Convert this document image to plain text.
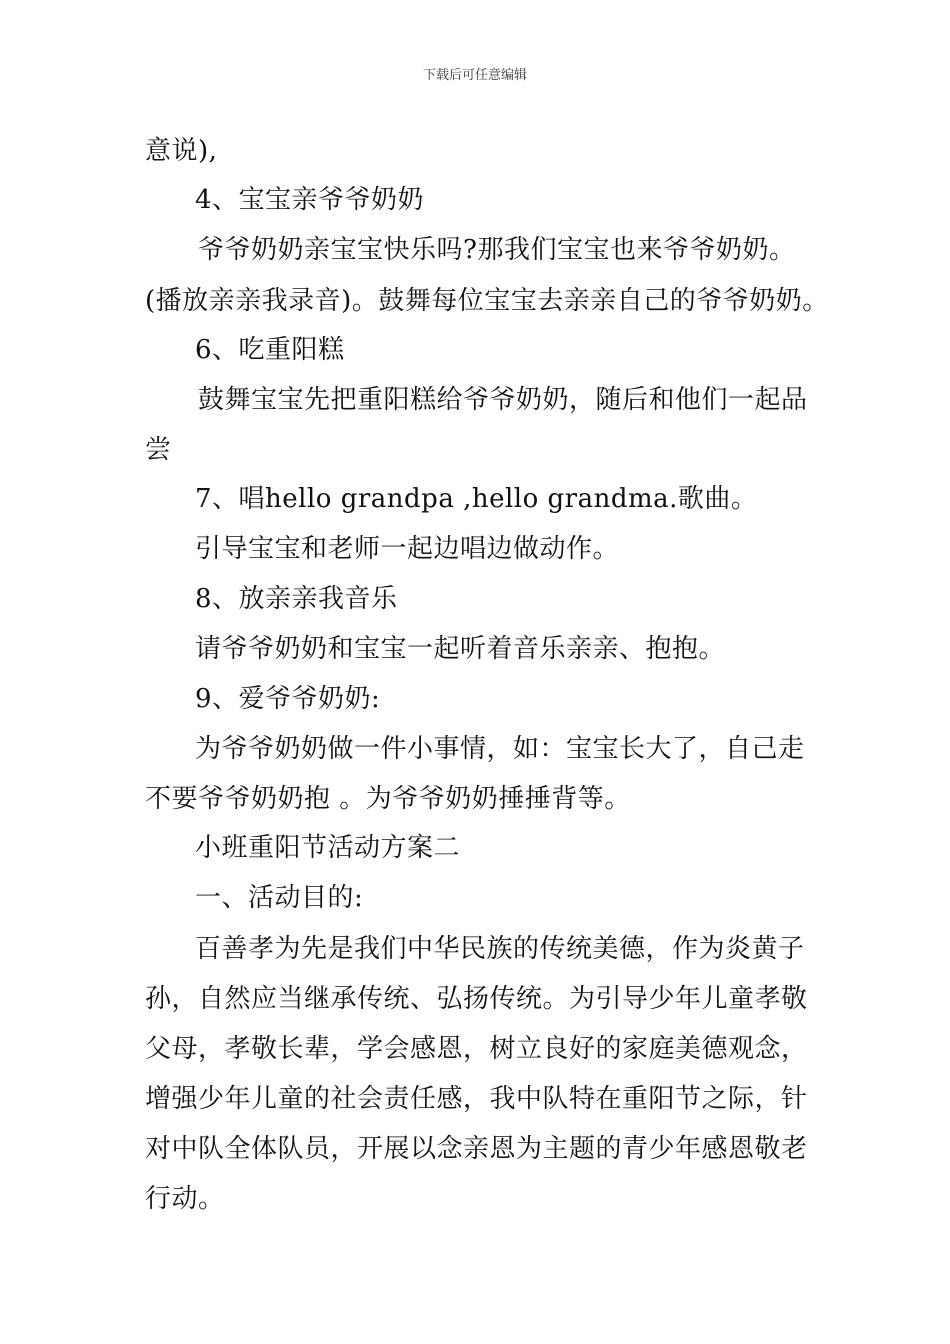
下载后可任意编辑
意说),
4、宝宝亲爷爷奶奶
爷爷奶奶亲宝宝快乐吗?那我们宝宝也来爷爷奶奶。
(播放亲亲我录音)。鼓舞每位宝宝去亲亲自己的爷爷奶奶。
6、吃重阳糕
鼓舞宝宝先把重阳糕给爷爷奶奶，随后和他们一起品
尝
7、唱hello grandpa ,hello grandma.歌曲。
引导宝宝和老师一起边唱边做动作。
8、放亲亲我音乐
请爷爷奶奶和宝宝一起听着音乐亲亲、抱抱。
9、爱爷爷奶奶:
为爷爷奶奶做一件小事情，如：宝宝长大了，自己走
不要爷爷奶奶抱 。为爷爷奶奶捶捶背等。
小班重阳节活动方案二
一、活动目的:
百善孝为先是我们中华民族的传统美德，作为炎黄子
孙，自然应当继承传统、弘扬传统。为引导少年儿童孝敬
父母，孝敬长辈，学会感恩，树立良好的家庭美德观念，
增强少年儿童的社会责任感，我中队特在重阳节之际，针
对中队全体队员，开展以念亲恩为主题的青少年感恩敬老
行动。
